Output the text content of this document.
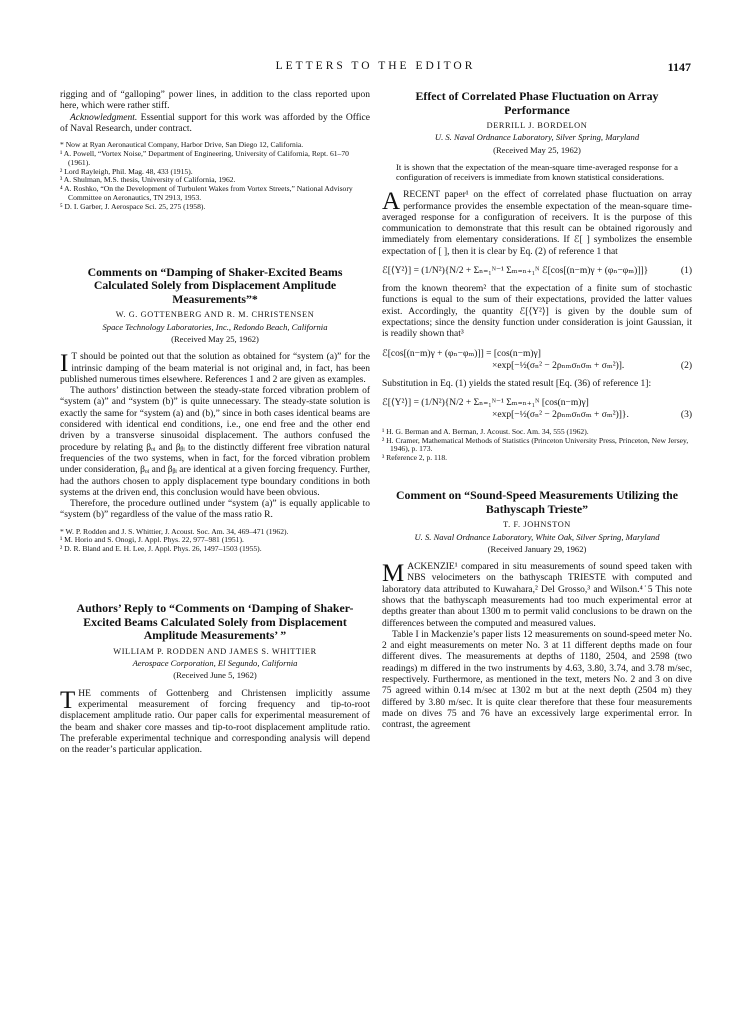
LETTERS TO THE EDITOR	1147

rigging and of “galloping” power lines, in addition to the class reported upon here, which were rather stiff.

Acknowledgment. Essential support for this work was afforded by the Office of Naval Research, under contract.

* Now at Ryan Aeronautical Company, Harbor Drive, San Diego 12, California.

¹ A. Powell, “Vortex Noise,” Department of Engineering, University of California, Rept. 61–70 (1961).

² Lord Rayleigh, Phil. Mag. 48, 433 (1915).

³ A. Shulman, M.S. thesis, University of California, 1962.

⁴ A. Roshko, “On the Development of Turbulent Wakes from Vortex Streets,” National Advisory Committee on Aeronautics, TN 2913, 1953.

⁵ D. I. Garber, J. Aerospace Sci. 25, 275 (1958).

Comments on “Damping of Shaker-Excited Beams Calculated Solely from Displacement Amplitude Measurements”*

W. G. GOTTENBERG AND R. M. CHRISTENSEN
Space Technology Laboratories, Inc., Redondo Beach, California
(Received May 25, 1962)

I T should be pointed out that the solution as obtained for “system (a)” for the intrinsic damping of the beam material is not original and, in fact, has been published numerous times elsewhere. References 1 and 2 are given as examples.

The authors’ distinction between the steady-state forced vibration problem of “system (a)” and “system (b)” is quite unnecessary. The steady-state solution is exactly the same for “system (a) and (b),” since in both cases identical beams are considered with identical end conditions, i.e., one end free and the other end driven by a transverse sinusoidal displacement. The authors confused the procedure by relating βₒᵢ and βᵦᵢ to the distinctly different free vibration natural frequencies of the two systems, when in fact, for the forced vibration problem under consideration, βₒᵢ and βᵦᵢ are identical at a given forcing frequency. Further, had the authors chosen to apply displacement type boundary conditions in both systems at the driven end, this conclusion would have been obvious.

Therefore, the procedure outlined under “system (a)” is equally applicable to “system (b)” regardless of the value of the mass ratio R.

* W. P. Rodden and J. S. Whittier, J. Acoust. Soc. Am. 34, 469–471 (1962).

¹ M. Horio and S. Onogi, J. Appl. Phys. 22, 977–981 (1951).

² D. R. Bland and E. H. Lee, J. Appl. Phys. 26, 1497–1503 (1955).

Authors’ Reply to “Comments on ‘Damping of Shaker-Excited Beams Calculated Solely from Displacement Amplitude Measurements’ ”

WILLIAM P. RODDEN AND JAMES S. WHITTIER
Aerospace Corporation, El Segundo, California
(Received June 5, 1962)

THE comments of Gottenberg and Christensen implicitly assume experimental measurement of forcing frequency and tip-to-root displacement amplitude ratio. Our paper calls for experimental measurement of the beam and shaker core masses and tip-to-root displacement amplitude ratio. The preferable experimental technique and corresponding analysis will depend on the reader’s particular application.

Effect of Correlated Phase Fluctuation on Array Performance

DERRILL J. BORDELON
U. S. Naval Ordnance Laboratory, Silver Spring, Maryland
(Received May 25, 1962)

It is shown that the expectation of the mean-square time-averaged response for a configuration of receivers is immediate from known statistical considerations.

A RECENT paper¹ on the effect of correlated phase fluctuation on array performance provides the ensemble expectation of the mean-square time-averaged response for a configuration of receivers. It is the purpose of this communication to demonstrate that this result can be obtained rigorously and immediately from elementary considerations. If ℰ[ ] symbolizes the ensemble expectation of [ ], then it is clear by Eq. (2) of reference 1 that

ℰ[⟨Y²⟩] = (1/N²){N/2 + Σₙ₌₁ᴺ⁻¹ Σₘ₌ₙ₊₁ᴺ ℰ[cos[(n−m)γ + (φₙ−φₘ)]]}	(1)

from the known theorem² that the expectation of a finite sum of stochastic functions is equal to the sum of their expectations, provided the latter values exist. Accordingly, the quantity ℰ[⟨Y²⟩] is given by the double sum of expectations; since the density function under consideration is joint Gaussian, it is readily shown that³

ℰ[cos[(n−m)γ + (φₙ−φₘ)]] = [cos(n−m)γ]
×exp[−½(σₙ² − 2ρₙₘσₙσₘ + σₘ²)].	(2)

Substitution in Eq. (1) yields the stated result [Eq. (36) of reference 1]:

ℰ[⟨Y²⟩] = (1/N²){N/2 + Σₙ₌₁ᴺ⁻¹ Σₘ₌ₙ₊₁ᴺ [cos(n−m)γ]
×exp[−½(σₙ² − 2ρₙₘσₙσₘ + σₘ²)]}.	(3)

¹ H. G. Berman and A. Berman, J. Acoust. Soc. Am. 34, 555 (1962).

² H. Cramer, Mathematical Methods of Statistics (Princeton University Press, Princeton, New Jersey, 1946), p. 173.

³ Reference 2, p. 118.

Comment on “Sound-Speed Measurements Utilizing the Bathyscaph Trieste”

T. F. JOHNSTON
U. S. Naval Ordnance Laboratory, White Oak, Silver Spring, Maryland
(Received January 29, 1962)

MACKENZIE¹ compared in situ measurements of sound speed taken with NBS velocimeters on the bathyscaph TRIESTE with computed and laboratory data attributed to Kuwahara,² Del Grosso,³ and Wilson.⁴˙5 This note shows that the bathyscaph measurements had too much experimental error at depths greater than about 1300 m to permit valid conclusions to be drawn on the differences between the computed and measured values.

Table I in Mackenzie’s paper lists 12 measurements on sound-speed meter No. 2 and eight measurements on meter No. 3 at 11 different depths made on four different dives. The measurements at depths of 1180, 2504, and 2598 (two readings) m differed in the two instruments by 4.63, 3.80, 3.74, and 3.78 m/sec, respectively. Furthermore, as mentioned in the text, meters No. 2 and 3 on dive 75 agreed within 0.14 m/sec at 1302 m but at the next depth (2504 m) they differed by 3.80 m/sec. It is quite clear therefore that these four measurements made on dives 75 and 76 have an excessively large experimental error. In contrast, the agreement
